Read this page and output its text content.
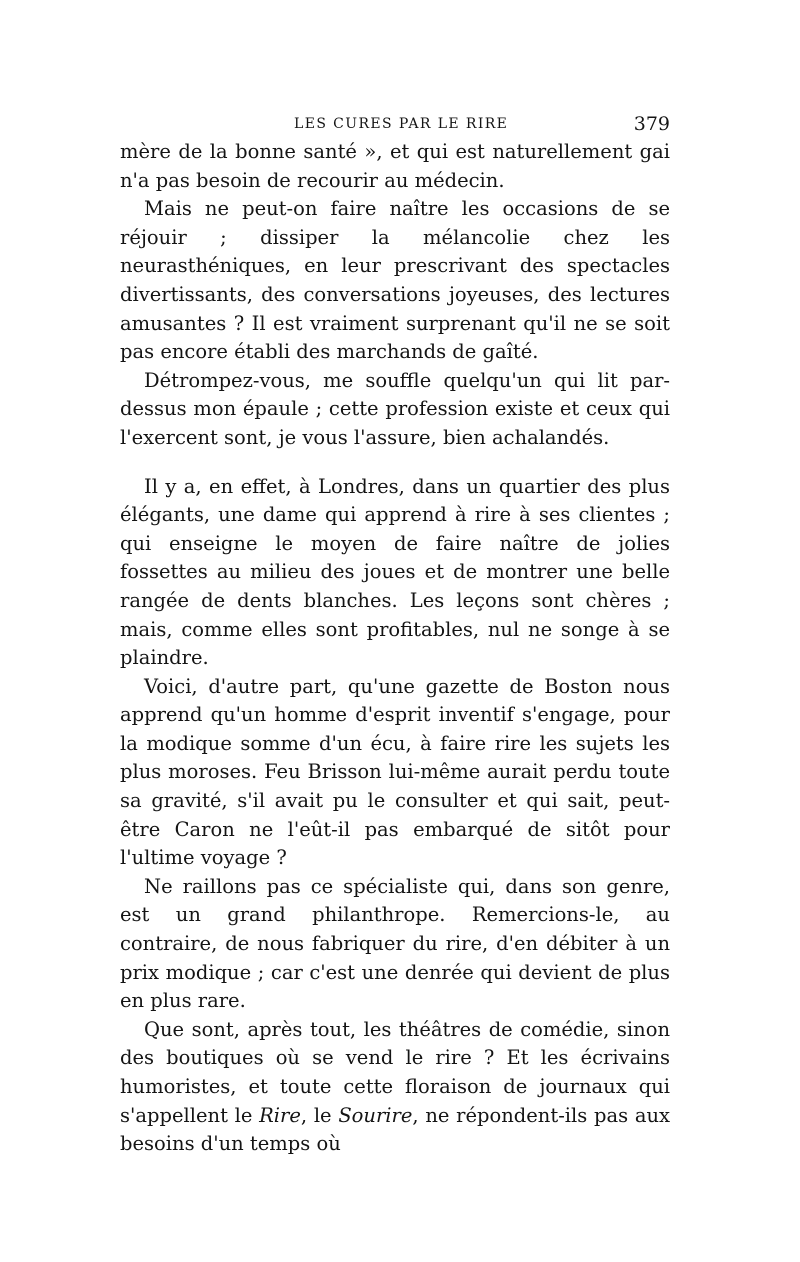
LES CURES PAR LE RIRE	379

mère de la bonne santé », et qui est naturellement gai n'a pas besoin de recourir au médecin.

Mais ne peut-on faire naître les occasions de se réjouir ; dissiper la mélancolie chez les neurasthéniques, en leur prescrivant des spectacles divertissants, des conversations joyeuses, des lectures amusantes ? Il est vraiment surprenant qu'il ne se soit pas encore établi des marchands de gaîté.

Détrompez-vous, me souffle quelqu'un qui lit par-dessus mon épaule ; cette profession existe et ceux qui l'exercent sont, je vous l'assure, bien achalandés.

Il y a, en effet, à Londres, dans un quartier des plus élégants, une dame qui apprend à rire à ses clientes ; qui enseigne le moyen de faire naître de jolies fossettes au milieu des joues et de montrer une belle rangée de dents blanches. Les leçons sont chères ; mais, comme elles sont profitables, nul ne songe à se plaindre.

Voici, d'autre part, qu'une gazette de Boston nous apprend qu'un homme d'esprit inventif s'engage, pour la modique somme d'un écu, à faire rire les sujets les plus moroses. Feu Brisson lui-même aurait perdu toute sa gravité, s'il avait pu le consulter et qui sait, peut-être Caron ne l'eût-il pas embarqué de sitôt pour l'ultime voyage ?

Ne raillons pas ce spécialiste qui, dans son genre, est un grand philanthrope. Remercions-le, au contraire, de nous fabriquer du rire, d'en débiter à un prix modique ; car c'est une denrée qui devient de plus en plus rare.

Que sont, après tout, les théâtres de comédie, sinon des boutiques où se vend le rire ? Et les écrivains humoristes, et toute cette floraison de journaux qui s'appellent le Rire, le Sourire, ne répondent-ils pas aux besoins d'un temps où
